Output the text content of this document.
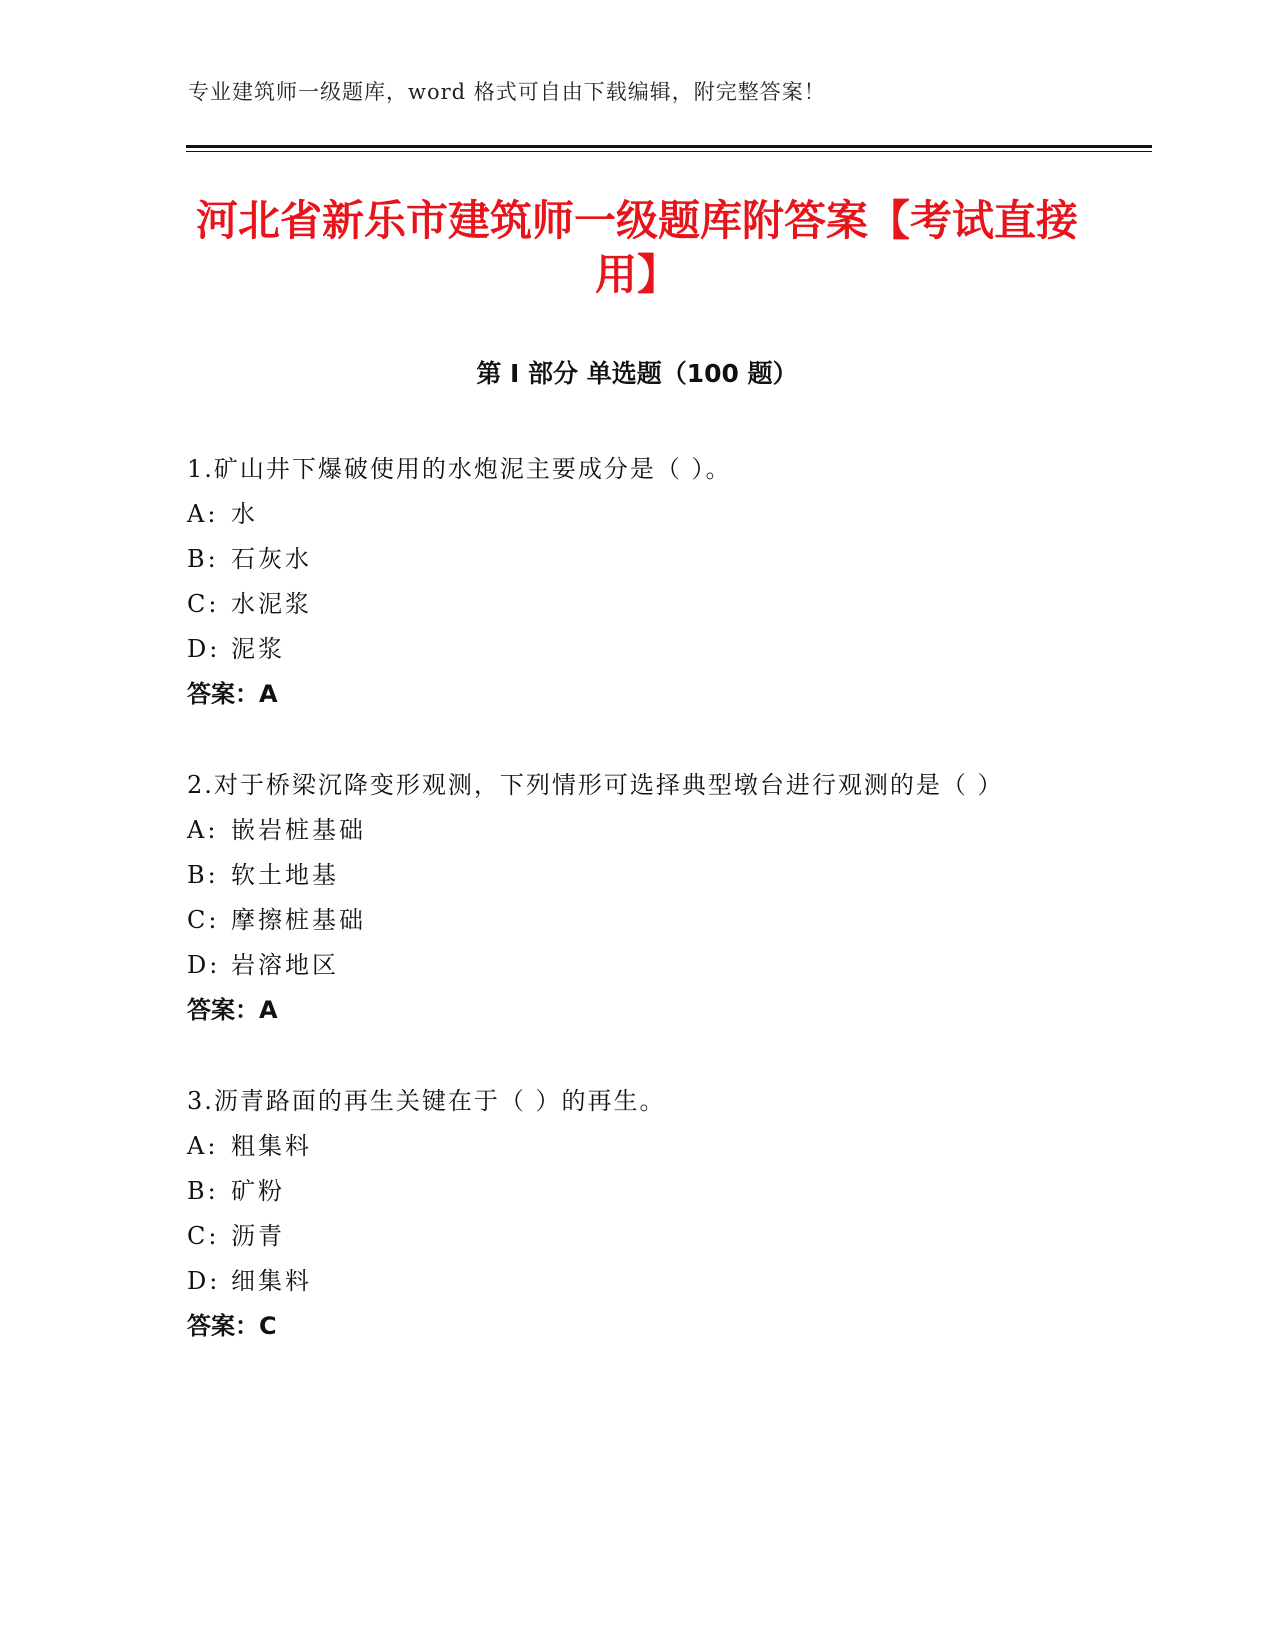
专业建筑师一级题库，word 格式可自由下载编辑，附完整答案！
河北省新乐市建筑师一级题库附答案【考试直接用】
第 I 部分 单选题（100 题）
1.矿山井下爆破使用的水炮泥主要成分是（ ）。
A: 水
B: 石灰水
C: 水泥浆
D: 泥浆
答案：A
2.对于桥梁沉降变形观测，下列情形可选择典型墩台进行观测的是（ ）
A: 嵌岩桩基础
B: 软土地基
C: 摩擦桩基础
D: 岩溶地区
答案：A
3.沥青路面的再生关键在于（ ）的再生。
A: 粗集料
B: 矿粉
C: 沥青
D: 细集料
答案：C
